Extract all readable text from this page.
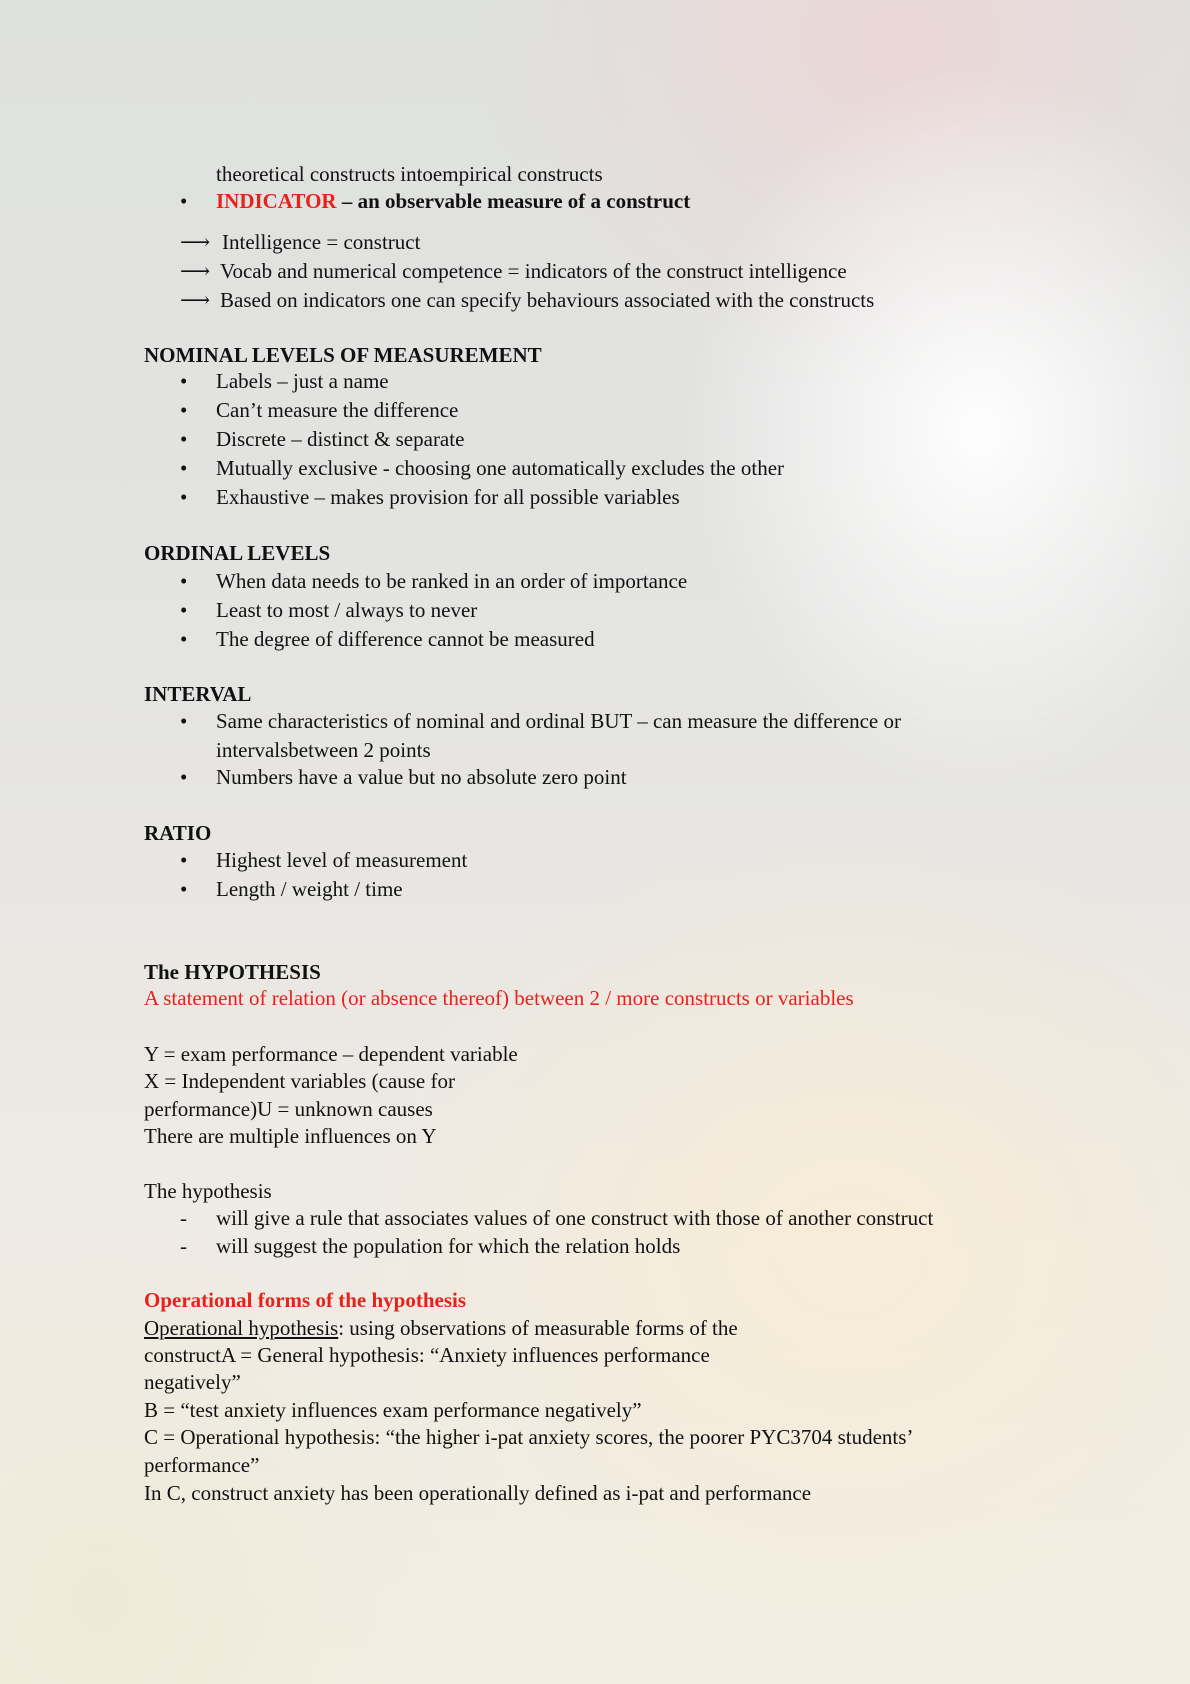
theoretical constructs intoempirical constructs
• INDICATOR – an observable measure of a construct
⟶ Intelligence = construct
⟶ Vocab and numerical competence = indicators of the construct intelligence
⟶ Based on indicators one can specify behaviours associated with the constructs
NOMINAL LEVELS OF MEASUREMENT
• Labels – just a name
• Can’t measure the difference
• Discrete – distinct & separate
• Mutually exclusive - choosing one automatically excludes the other
• Exhaustive – makes provision for all possible variables
ORDINAL LEVELS
• When data needs to be ranked in an order of importance
• Least to most / always to never
• The degree of difference cannot be measured
INTERVAL
• Same characteristics of nominal and ordinal BUT – can measure the difference or
intervalsbetween 2 points
• Numbers have a value but no absolute zero point
RATIO
• Highest level of measurement
• Length / weight / time
The HYPOTHESIS
A statement of relation (or absence thereof) between 2 / more constructs or variables
Y = exam performance – dependent variable
X = Independent variables (cause for
performance)U = unknown causes
There are multiple influences on Y
The hypothesis
- will give a rule that associates values of one construct with those of another construct
- will suggest the population for which the relation holds
Operational forms of the hypothesis
Operational hypothesis: using observations of measurable forms of the
constructA = General hypothesis: “Anxiety influences performance
negatively”
B = “test anxiety influences exam performance negatively”
C = Operational hypothesis: “the higher i-pat anxiety scores, the poorer PYC3704 students’
performance”
In C, construct anxiety has been operationally defined as i-pat and performance
